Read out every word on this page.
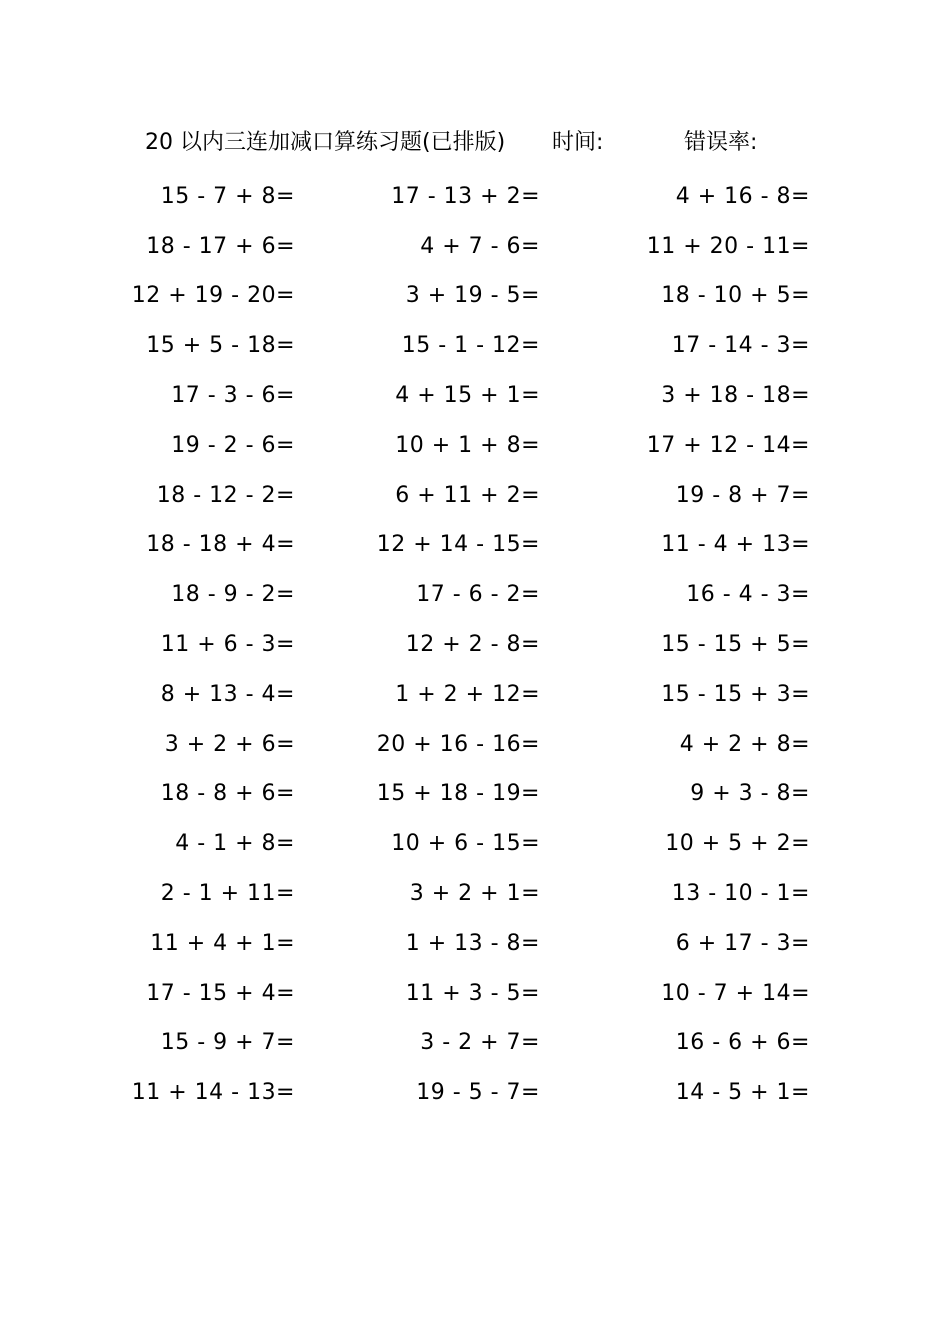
20 以内三连加减口算练习题(已排版) 时间:	错误率:
15 - 7 + 8=	17 - 13 + 2=	4 + 16 - 8=
18 - 17 + 6=	4 + 7 - 6=	11 + 20 - 11=
12 + 19 - 20=	3 + 19 - 5=	18 - 10 + 5=
15 + 5 - 18=	15 - 1 - 12=	17 - 14 - 3=
17 - 3 - 6=	4 + 15 + 1=	3 + 18 - 18=
19 - 2 - 6=	10 + 1 + 8=	17 + 12 - 14=
18 - 12 - 2=	6 + 11 + 2=	19 - 8 + 7=
18 - 18 + 4=	12 + 14 - 15=	11 - 4 + 13=
18 - 9 - 2=	17 - 6 - 2=	16 - 4 - 3=
11 + 6 - 3=	12 + 2 - 8=	15 - 15 + 5=
8 + 13 - 4=	1 + 2 + 12=	15 - 15 + 3=
3 + 2 + 6=	20 + 16 - 16=	4 + 2 + 8=
18 - 8 + 6=	15 + 18 - 19=	9 + 3 - 8=
4 - 1 + 8=	10 + 6 - 15=	10 + 5 + 2=
2 - 1 + 11=	3 + 2 + 1=	13 - 10 - 1=
11 + 4 + 1=	1 + 13 - 8=	6 + 17 - 3=
17 - 15 + 4=	11 + 3 - 5=	10 - 7 + 14=
15 - 9 + 7=	3 - 2 + 7=	16 - 6 + 6=
11 + 14 - 13=	19 - 5 - 7=	14 - 5 + 1=
